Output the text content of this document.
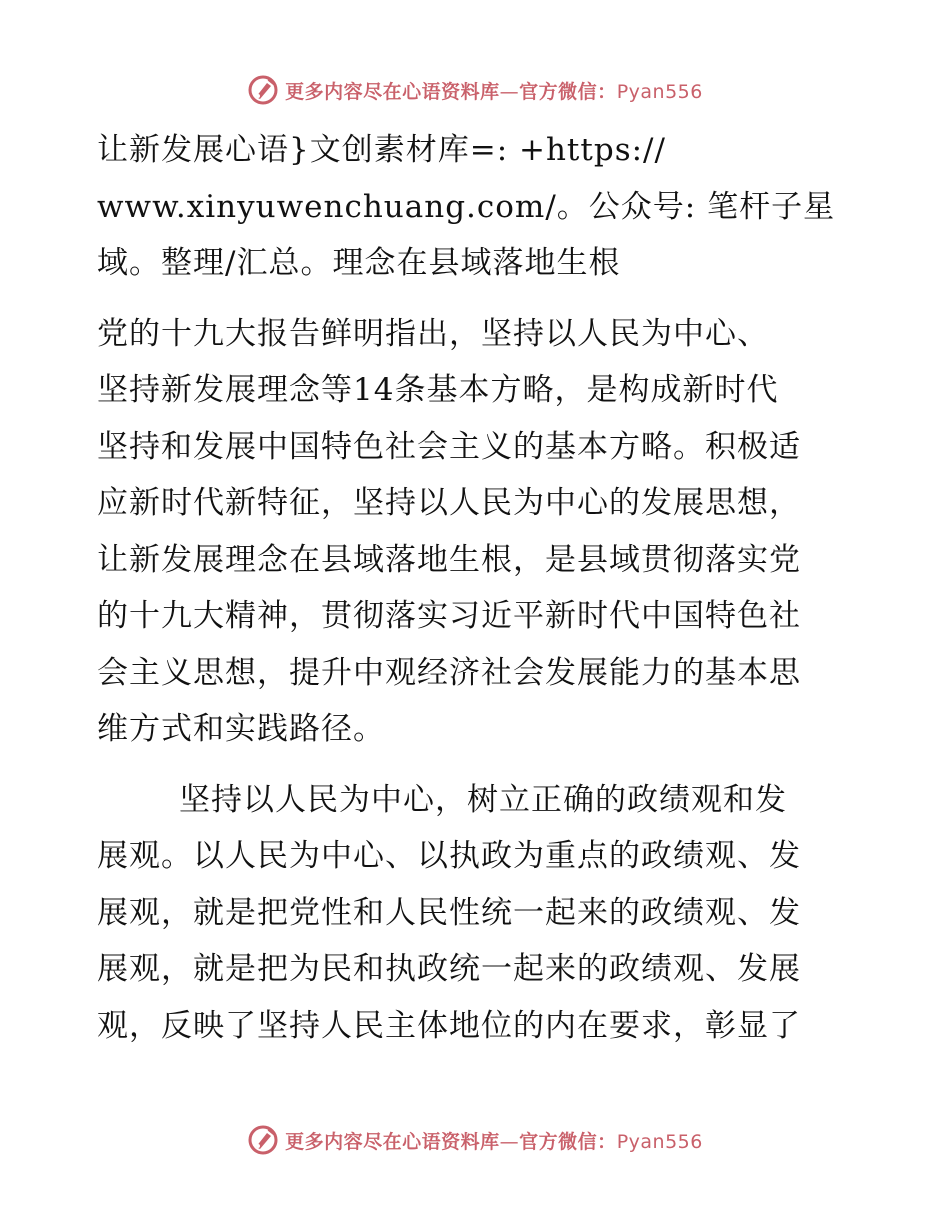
更多内容尽在心语资料库—官方微信：Pyan556

让新发展心语}文创素材库=: +https://
www.xinyuwenchuang.com/。公众号: 笔杆子星
域。整理/汇总。理念在县域落地生根

党的十九大报告鲜明指出，坚持以人民为中心、
坚持新发展理念等14条基本方略，是构成新时代
坚持和发展中国特色社会主义的基本方略。积极适
应新时代新特征，坚持以人民为中心的发展思想，
让新发展理念在县域落地生根，是县域贯彻落实党
的十九大精神，贯彻落实习近平新时代中国特色社
会主义思想，提升中观经济社会发展能力的基本思
维方式和实践路径。

坚持以人民为中心，树立正确的政绩观和发
展观。以人民为中心、以执政为重点的政绩观、发
展观，就是把党性和人民性统一起来的政绩观、发
展观，就是把为民和执政统一起来的政绩观、发展
观，反映了坚持人民主体地位的内在要求，彰显了

更多内容尽在心语资料库—官方微信：Pyan556
